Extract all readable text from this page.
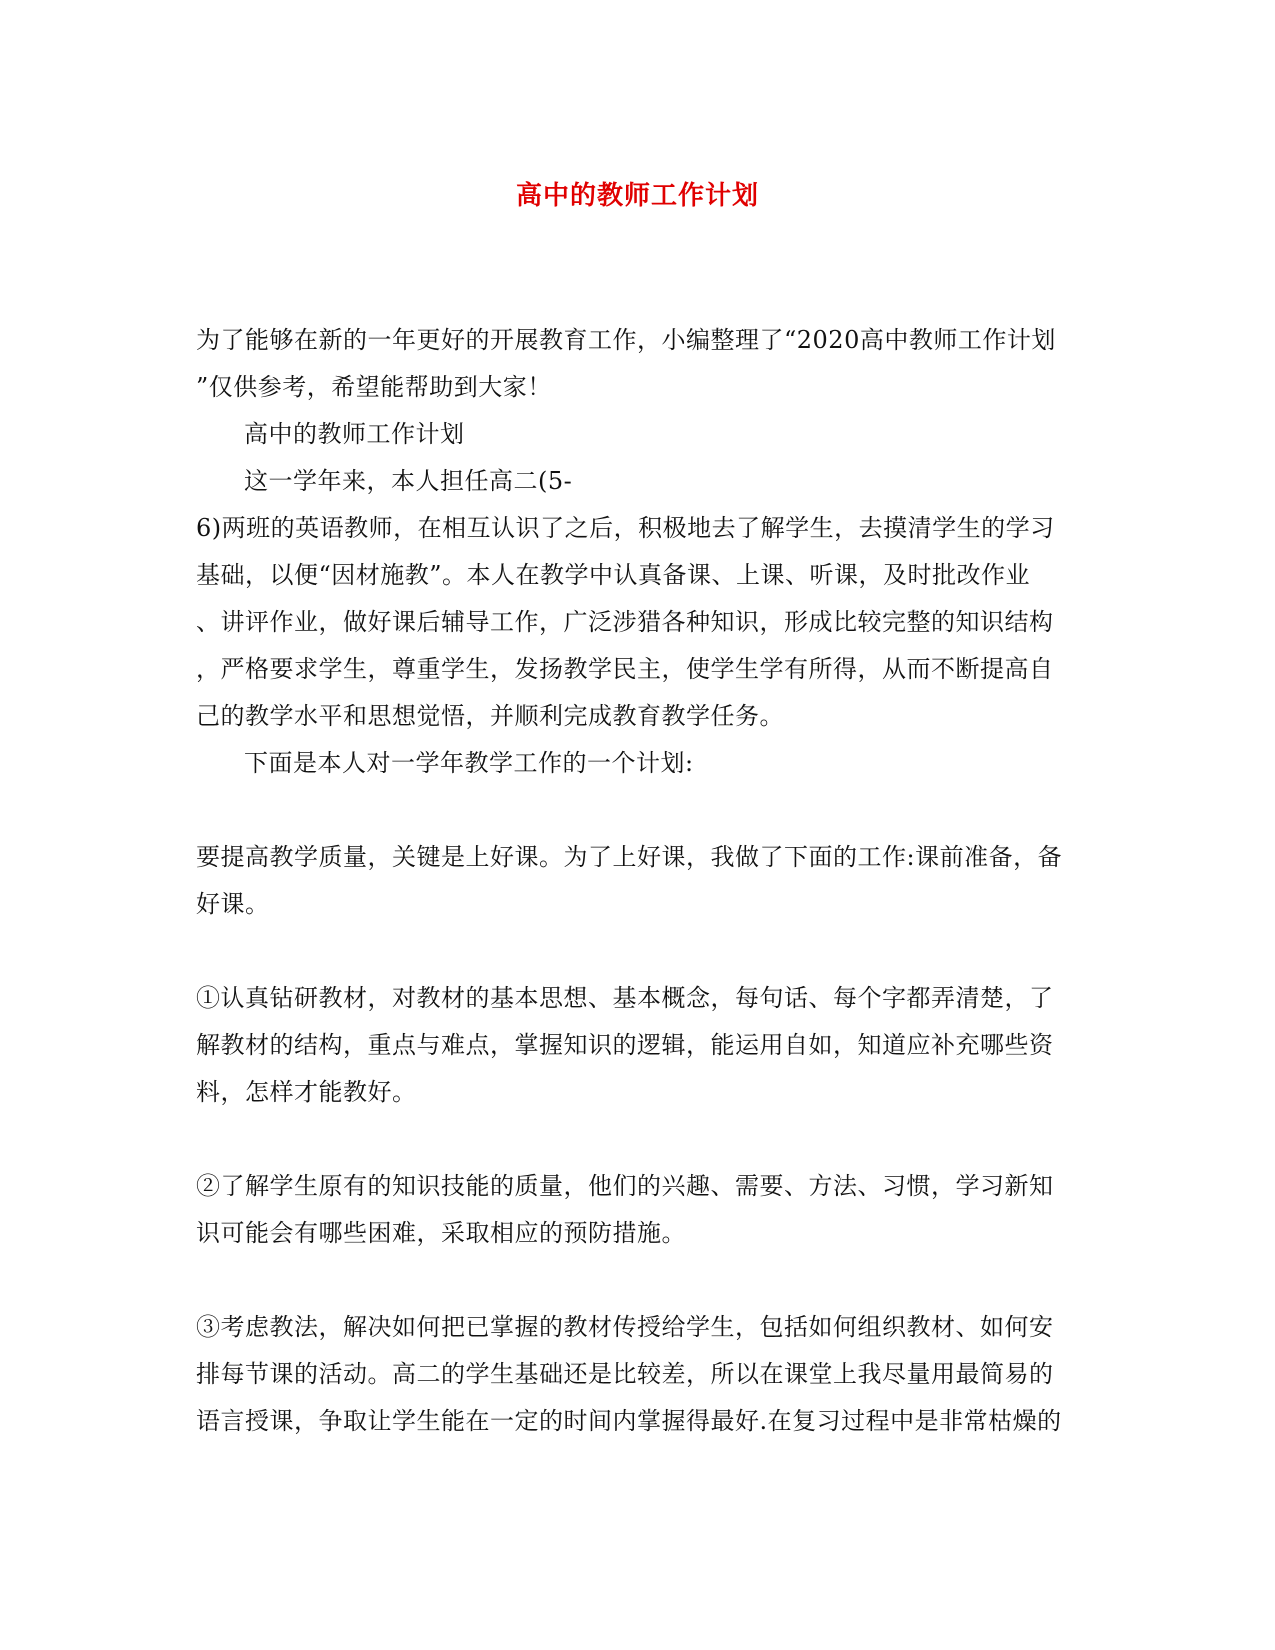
高中的教师工作计划
为了能够在新的一年更好的开展教育工作，小编整理了“2020高中教师工作计划
”仅供参考，希望能帮助到大家！
高中的教师工作计划
这一学年来，本人担任高二(5-
6)两班的英语教师，在相互认识了之后，积极地去了解学生，去摸清学生的学习
基础，以便“因材施教”。本人在教学中认真备课、上课、听课，及时批改作业
、讲评作业，做好课后辅导工作，广泛涉猎各种知识，形成比较完整的知识结构
，严格要求学生，尊重学生，发扬教学民主，使学生学有所得，从而不断提高自
己的教学水平和思想觉悟，并顺利完成教育教学任务。
下面是本人对一学年教学工作的一个计划:
要提高教学质量，关键是上好课。为了上好课，我做了下面的工作:课前准备，备
好课。
①认真钻研教材，对教材的基本思想、基本概念，每句话、每个字都弄清楚，了
解教材的结构，重点与难点，掌握知识的逻辑，能运用自如，知道应补充哪些资
料，怎样才能教好。
②了解学生原有的知识技能的质量，他们的兴趣、需要、方法、习惯，学习新知
识可能会有哪些困难，采取相应的预防措施。
③考虑教法，解决如何把已掌握的教材传授给学生，包括如何组织教材、如何安
排每节课的活动。高二的学生基础还是比较差，所以在课堂上我尽量用最简易的
语言授课，争取让学生能在一定的时间内掌握得最好.在复习过程中是非常枯燥的
